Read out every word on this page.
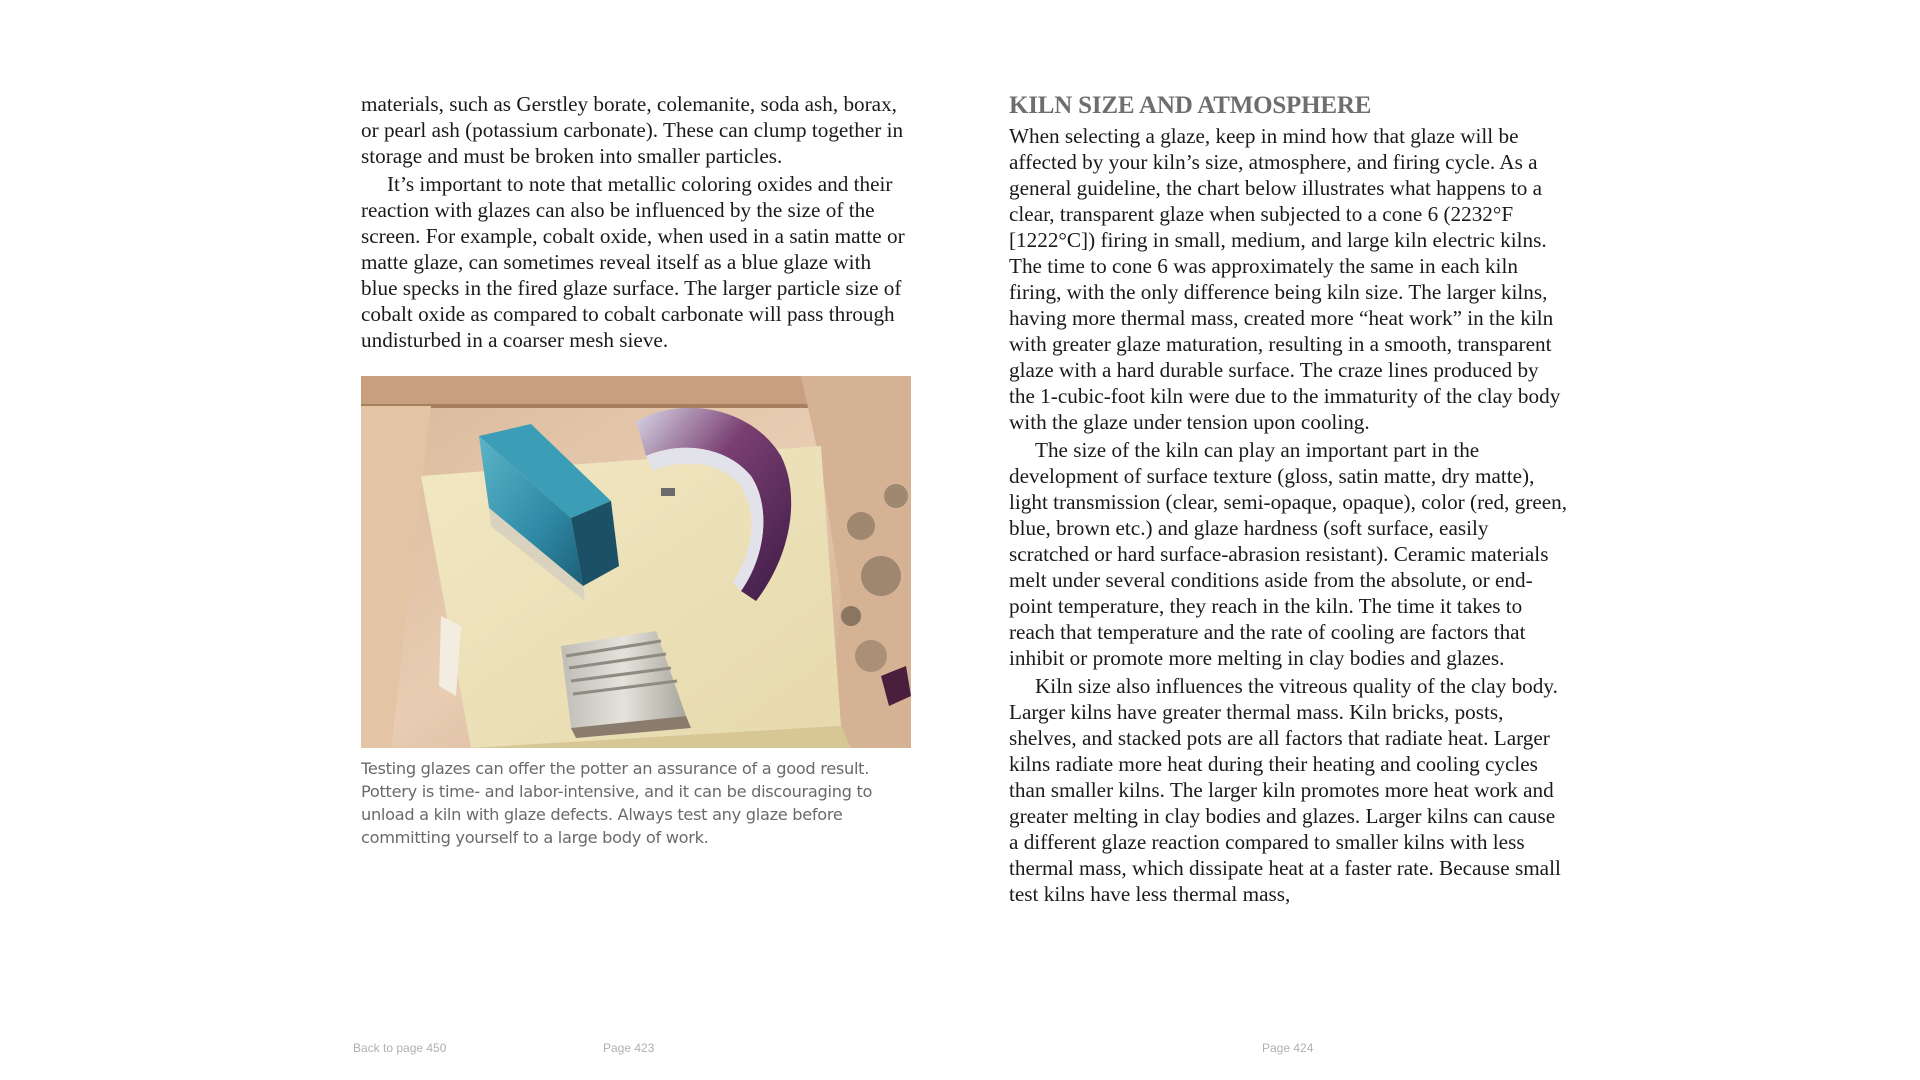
materials, such as Gerstley borate, colemanite, soda ash, borax, or pearl ash (potassium carbonate). These can clump together in storage and must be broken into smaller particles.

It’s important to note that metallic coloring oxides and their reaction with glazes can also be influenced by the size of the screen. For example, cobalt oxide, when used in a satin matte or matte glaze, can sometimes reveal itself as a blue glaze with blue specks in the fired glaze surface. The larger particle size of cobalt oxide as compared to cobalt carbonate will pass through undisturbed in a coarser mesh sieve.

Testing glazes can offer the potter an assurance of a good result. Pottery is time- and labor-intensive, and it can be discouraging to unload a kiln with glaze defects. Always test any glaze before committing yourself to a large body of work.
KILN SIZE AND ATMOSPHERE

When selecting a glaze, keep in mind how that glaze will be affected by your kiln’s size, atmosphere, and firing cycle. As a general guideline, the chart below illustrates what happens to a clear, transparent glaze when subjected to a cone 6 (2232°F [1222°C]) firing in small, medium, and large kiln electric kilns. The time to cone 6 was approximately the same in each kiln firing, with the only difference being kiln size. The larger kilns, having more thermal mass, created more “heat work” in the kiln with greater glaze maturation, resulting in a smooth, transparent glaze with a hard durable surface. The craze lines produced by the 1-cubic-foot kiln were due to the immaturity of the clay body with the glaze under tension upon cooling.

The size of the kiln can play an important part in the development of surface texture (gloss, satin matte, dry matte), light transmission (clear, semi-opaque, opaque), color (red, green, blue, brown etc.) and glaze hardness (soft surface, easily scratched or hard surface-abrasion resistant). Ceramic materials melt under several conditions aside from the absolute, or end-point temperature, they reach in the kiln. The time it takes to reach that temperature and the rate of cooling are factors that inhibit or promote more melting in clay bodies and glazes.

Kiln size also influences the vitreous quality of the clay body. Larger kilns have greater thermal mass. Kiln bricks, posts, shelves, and stacked pots are all factors that radiate heat. Larger kilns radiate more heat during their heating and cooling cycles than smaller kilns. The larger kiln promotes more heat work and greater melting in clay bodies and glazes. Larger kilns can cause a different glaze reaction compared to smaller kilns with less thermal mass, which dissipate heat at a faster rate. Because small test kilns have less thermal mass,

Back to page 450	Page 423	Page 424
